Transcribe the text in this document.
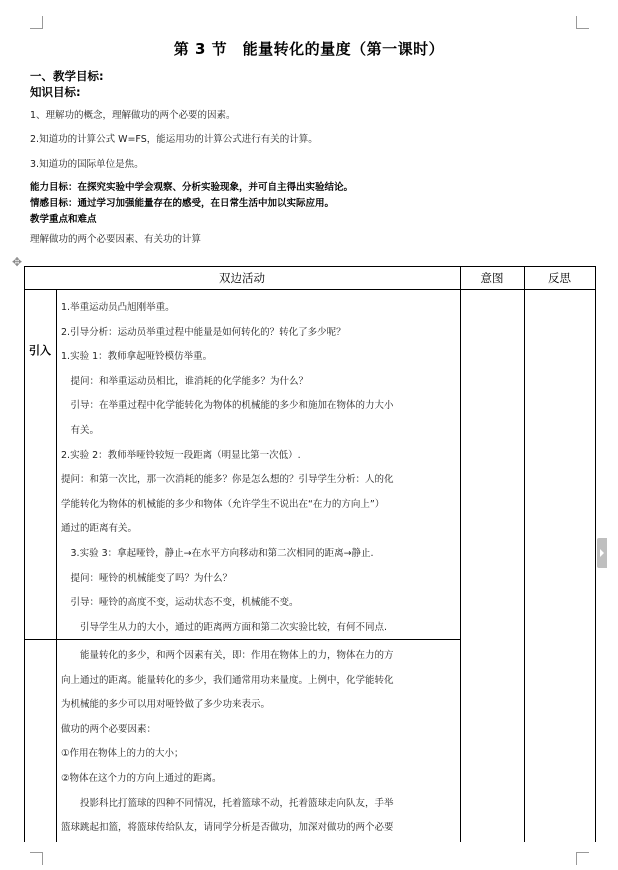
第 3 节　能量转化的量度（第一课时）
一、教学目标:
知识目标:
1、理解功的概念，理解做功的两个必要的因素。
2.知道功的计算公式 W=FS，能运用功的计算公式进行有关的计算。
3.知道功的国际单位是焦。
能力目标：在探究实验中学会观察、分析实验现象，并可自主得出实验结论。
情感目标：通过学习加强能量存在的感受，在日常生活中加以实际应用。
教学重点和难点
理解做功的两个必要因素、有关功的计算
✥
双边活动	意图	反思
引入

1.举重运动员凸旭刚举重。

2.引导分析：运动员举重过程中能量是如何转化的？转化了多少呢？

1.实验 1：教师拿起哑铃模仿举重。

　提问：和举重运动员相比，谁消耗的化学能多？为什么？

　引导：在举重过程中化学能转化为物体的机械能的多少和施加在物体的力大小

　有关。

2.实验 2：教师举哑铃较短一段距离（明显比第一次低）.

提问：和第一次比，那一次消耗的能多？你是怎么想的？引导学生分析：人的化

学能转化为物体的机械能的多少和物体（允许学生不说出在“在力的方向上”）

通过的距离有关。

　3.实验 3：拿起哑铃，静止→在水平方向移动和第二次相同的距离→静止.

　提问：哑铃的机械能变了吗？为什么？

　引导：哑铃的高度不变，运动状态不变，机械能不变。

　　引导学生从力的大小，通过的距离两方面和第二次实验比较，有何不同点.

　　能量转化的多少，和两个因素有关，即：作用在物体上的力，物体在力的方

向上通过的距离。能量转化的多少，我们通常用功来量度。上例中，化学能转化

为机械能的多少可以用对哑铃做了多少功来表示。

做功的两个必要因素：

①作用在物体上的力的大小；

②物体在这个力的方向上通过的距离。

　　投影科比打篮球的四种不同情况，托着篮球不动，托着篮球走向队友，手举

篮球跳起扣篮，将篮球传给队友，请同学分析是否做功，加深对做功的两个必要
